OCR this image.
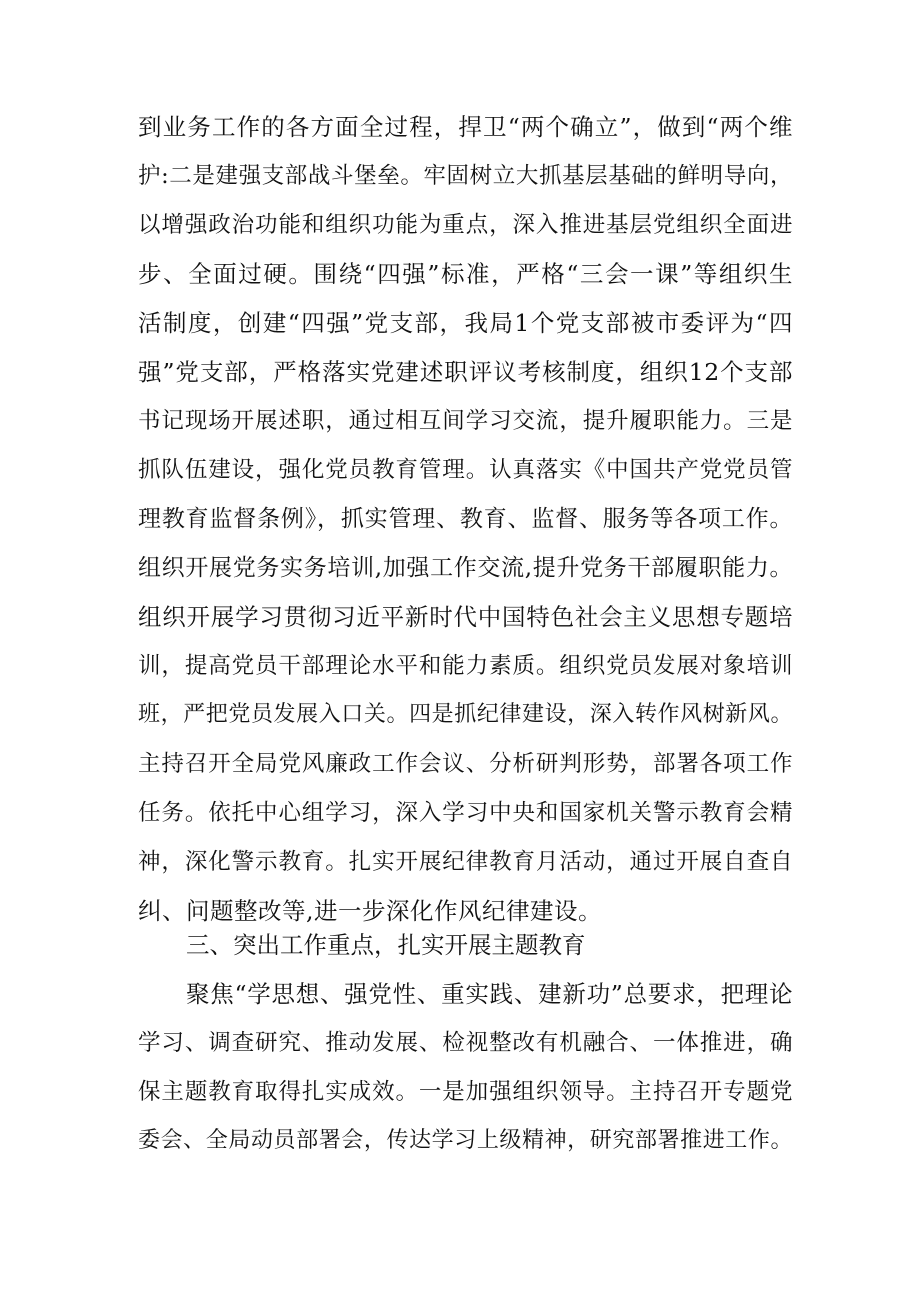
到业务工作的各方面全过程，捍卫“两个确立”，做到“两个维
护:二是建强支部战斗堡垒。牢固树立大抓基层基础的鲜明导向，
以增强政治功能和组织功能为重点，深入推进基层党组织全面进
步、全面过硬。围绕“四强”标准，严格“三会一课”等组织生
活制度，创建“四强”党支部，我局1个党支部被市委评为“四
强”党支部，严格落实党建述职评议考核制度，组织12个支部
书记现场开展述职，通过相互间学习交流，提升履职能力。三是
抓队伍建设，强化党员教育管理。认真落实《中国共产党党员管
理教育监督条例》，抓实管理、教育、监督、服务等各项工作。
组织开展党务实务培训,加强工作交流,提升党务干部履职能力。
组织开展学习贯彻习近平新时代中国特色社会主义思想专题培
训，提高党员干部理论水平和能力素质。组织党员发展对象培训
班，严把党员发展入口关。四是抓纪律建设，深入转作风树新风。
主持召开全局党风廉政工作会议、分析研判形势，部署各项工作
任务。依托中心组学习，深入学习中央和国家机关警示教育会精
神，深化警示教育。扎实开展纪律教育月活动，通过开展自查自
纠、问题整改等,进一步深化作风纪律建设。
三、突出工作重点，扎实开展主题教育
聚焦“学思想、强党性、重实践、建新功”总要求，把理论
学习、调查研究、推动发展、检视整改有机融合、一体推进，确
保主题教育取得扎实成效。一是加强组织领导。主持召开专题党
委会、全局动员部署会，传达学习上级精神，研究部署推进工作。
